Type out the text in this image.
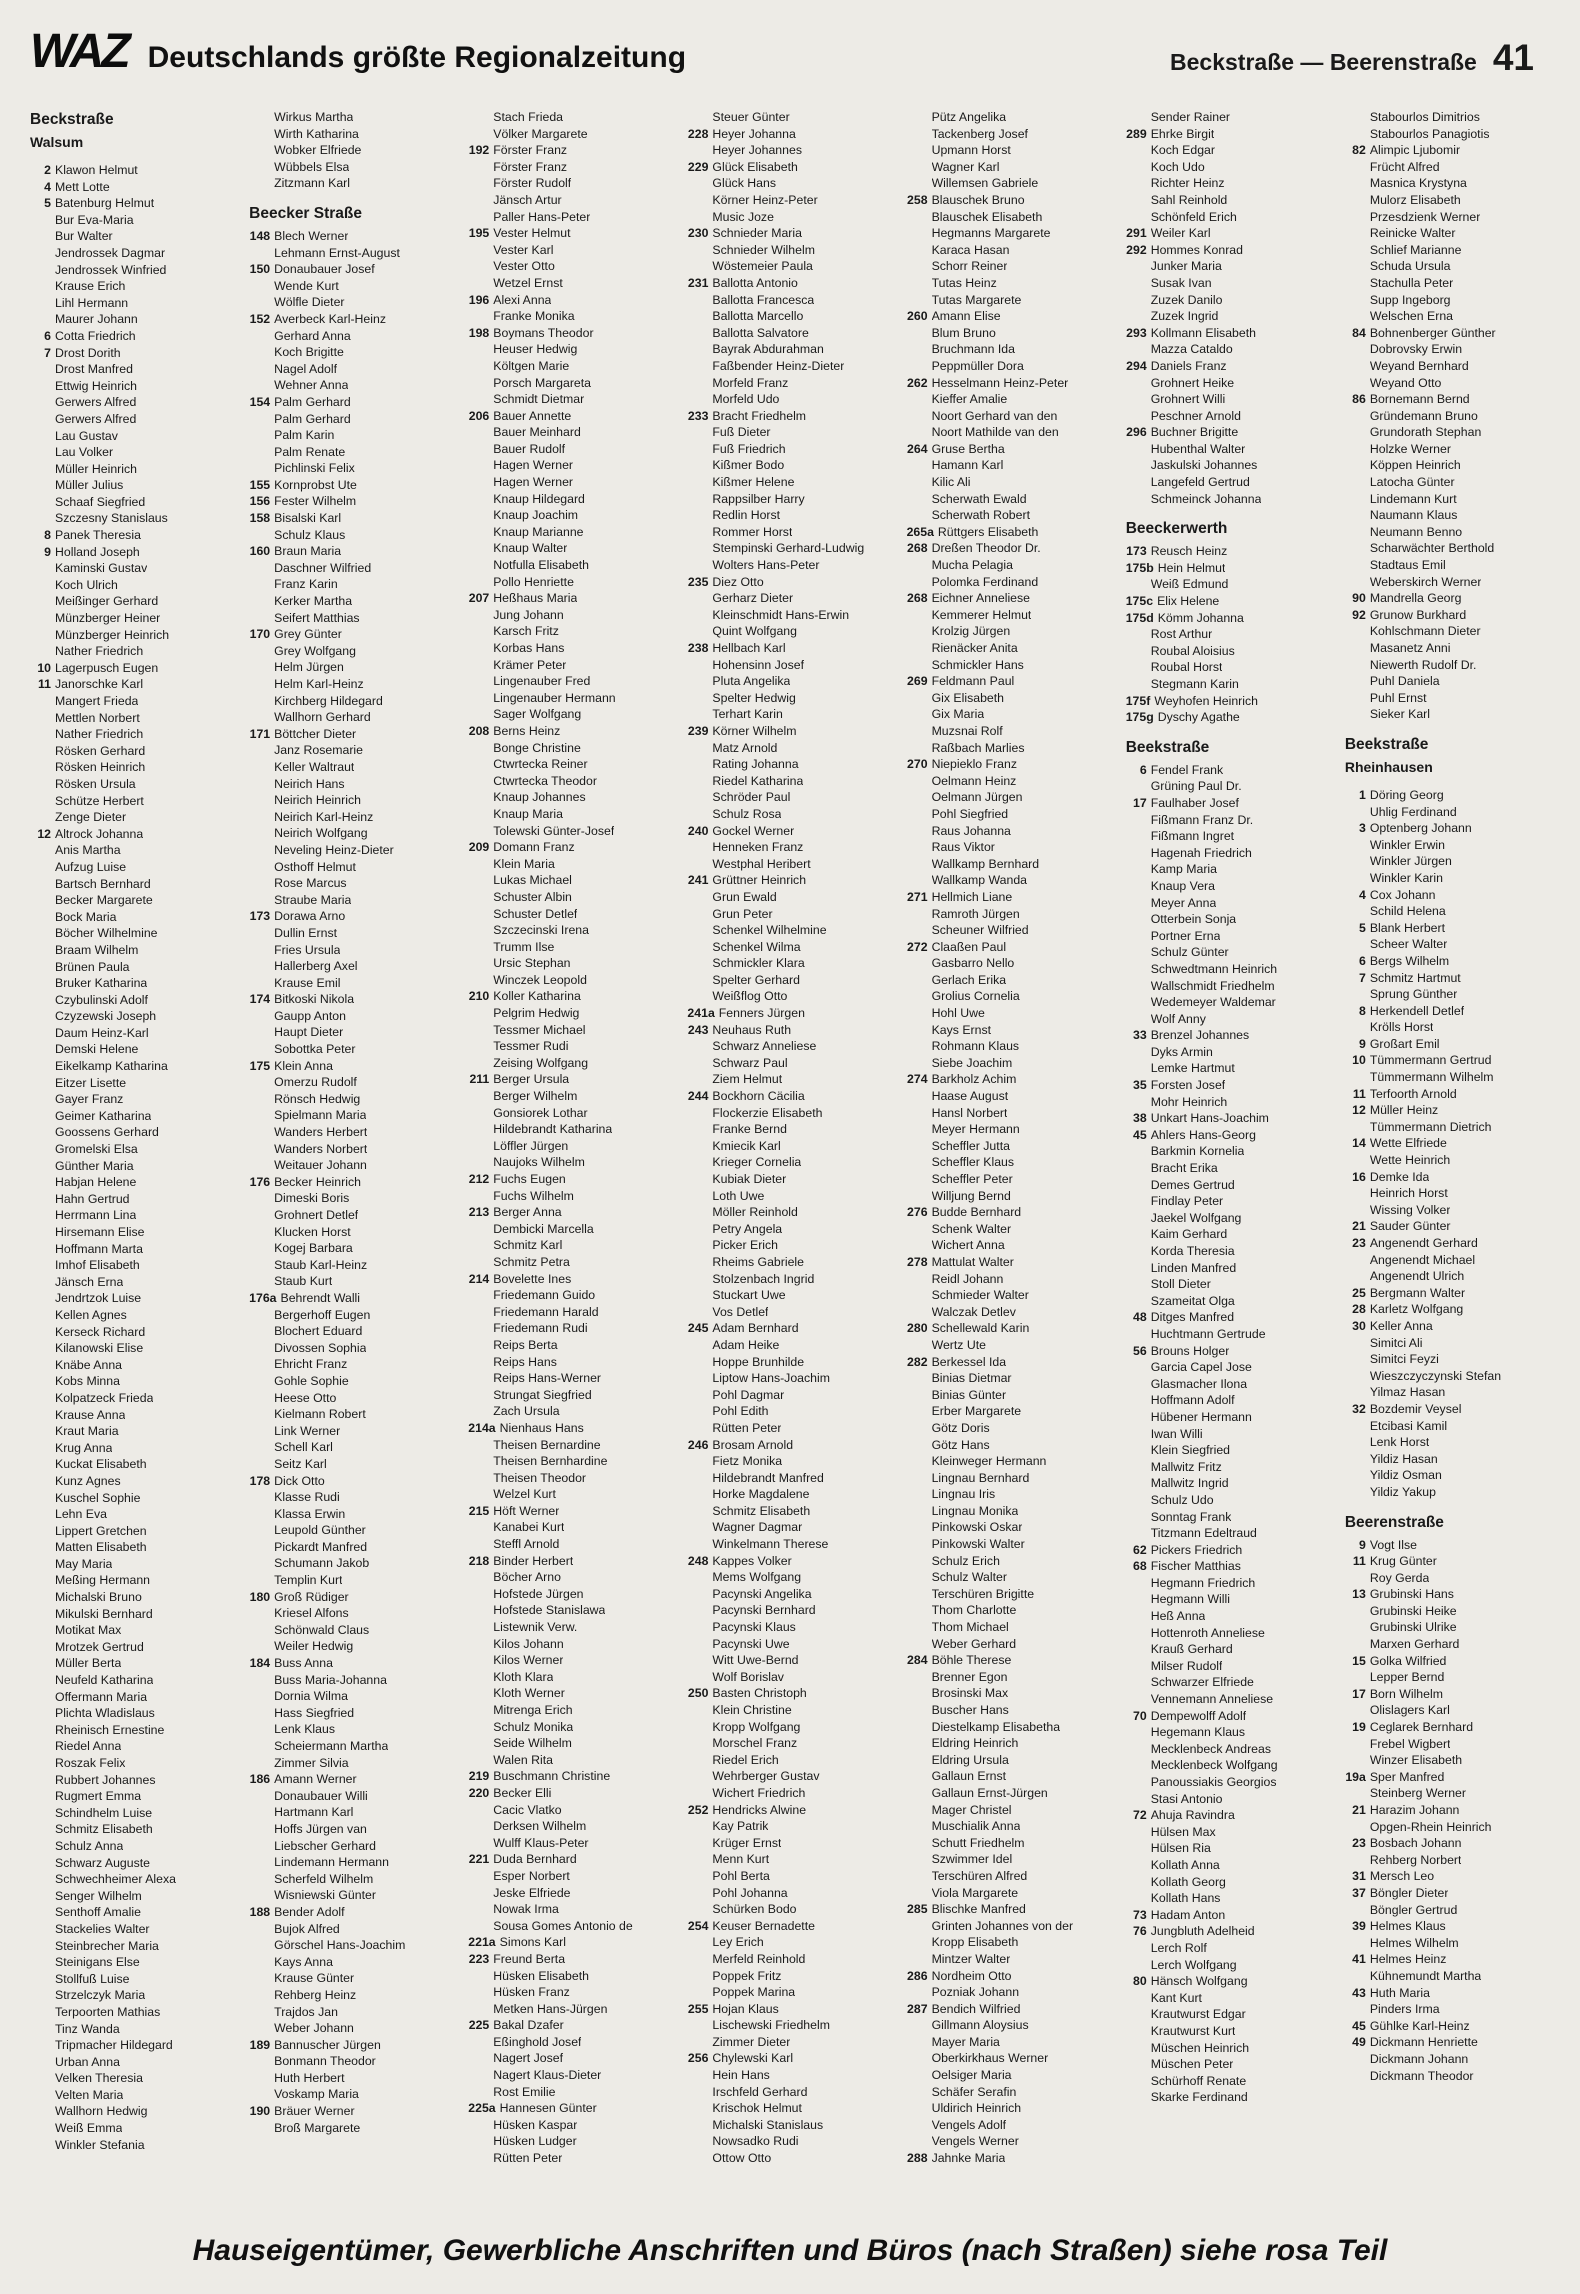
WAZ Deutschlands größte Regionalzeitung	Beckstraße — Beerenstraße 41
Beckstraße
Walsum
2 Klawon Helmut
4 Mett Lotte
5 Batenburg Helmut
Bur Eva-Maria
Bur Walter
Jendrossek Dagmar
Jendrossek Winfried
Krause Erich
Lihl Hermann
Maurer Johann
6 Cotta Friedrich
7 Drost Dorith
Drost Manfred
Ettwig Heinrich
Gerwers Alfred
Gerwers Alfred
Lau Gustav
Lau Volker
Müller Heinrich
Müller Julius
Schaaf Siegfried
Szczesny Stanislaus
8 Panek Theresia
9 Holland Joseph
Kaminski Gustav
Koch Ulrich
Meißinger Gerhard
Münzberger Heiner
Münzberger Heinrich
Nather Friedrich
10 Lagerpusch Eugen
11 Janorschke Karl
Mangert Frieda
Mettlen Norbert
Nather Friedrich
Rösken Gerhard
Rösken Heinrich
Rösken Ursula
Schütze Herbert
Zenge Dieter
12 Altrock Johanna
Anis Martha
Aufzug Luise
Bartsch Bernhard
Becker Margarete
Bock Maria
Böcher Wilhelmine
Braam Wilhelm
Brünen Paula
Bruker Katharina
Czybulinski Adolf
Czyzewski Joseph
Daum Heinz-Karl
Demski Helene
Eikelkamp Katharina
Eitzer Lisette
Gayer Franz
Geimer Katharina
Goossens Gerhard
Gromelski Elsa
Günther Maria
Habjan Helene
Hahn Gertrud
Herrmann Lina
Hirsemann Elise
Hoffmann Marta
Imhof Elisabeth
Jänsch Erna
Jendrtzok Luise
Kellen Agnes
Kerseck Richard
Kilanowski Elise
Knäbe Anna
Kobs Minna
Kolpatzeck Frieda
Krause Anna
Kraut Maria
Krug Anna
Kuckat Elisabeth
Kunz Agnes
Kuschel Sophie
Lehn Eva
Lippert Gretchen
Matten Elisabeth
May Maria
Meßing Hermann
Michalski Bruno
Mikulski Bernhard
Motikat Max
Mrotzek Gertrud
Müller Berta
Neufeld Katharina
Offermann Maria
Plichta Wladislaus
Rheinisch Ernestine
Riedel Anna
Roszak Felix
Rubbert Johannes
Rugmert Emma
Schindhelm Luise
Schmitz Elisabeth
Schulz Anna
Schwarz Auguste
Schwechheimer Alexa
Senger Wilhelm
Senthoff Amalie
Stackelies Walter
Steinbrecher Maria
Steinigans Else
Stollfuß Luise
Strzelczyk Maria
Terpoorten Mathias
Tinz Wanda
Tripmacher Hildegard
Urban Anna
Velken Theresia
Velten Maria
Wallhorn Hedwig
Weiß Emma
Winkler Stefania
Wirkus Martha
Wirth Katharina
Wobker Elfriede
Wübbels Elsa
Zitzmann Karl
Beecker Straße
148 Blech Werner
Lehmann Ernst-August
150 Donaubauer Josef
Wende Kurt
Wölfle Dieter
152 Averbeck Karl-Heinz
Gerhard Anna
Koch Brigitte
Nagel Adolf
Wehner Anna
154 Palm Gerhard
Palm Gerhard
Palm Karin
Palm Renate
Pichlinski Felix
155 Kornprobst Ute
156 Fester Wilhelm
158 Bisalski Karl
Schulz Klaus
160 Braun Maria
Daschner Wilfried
Franz Karin
Kerker Martha
Seifert Matthias
170 Grey Günter
Grey Wolfgang
Helm Jürgen
Helm Karl-Heinz
Kirchberg Hildegard
Wallhorn Gerhard
171 Böttcher Dieter
Janz Rosemarie
Keller Waltraut
Neirich Hans
Neirich Heinrich
Neirich Karl-Heinz
Neirich Wolfgang
Neveling Heinz-Dieter
Osthoff Helmut
Rose Marcus
Straube Maria
173 Dorawa Arno
Dullin Ernst
Fries Ursula
Hallerberg Axel
Krause Emil
174 Bitkoski Nikola
Gaupp Anton
Haupt Dieter
Sobottka Peter
175 Klein Anna
Omerzu Rudolf
Rönsch Hedwig
Spielmann Maria
Wanders Herbert
Wanders Norbert
Weitauer Johann
176 Becker Heinrich
Dimeski Boris
Grohnert Detlef
Klucken Horst
Kogej Barbara
Staub Karl-Heinz
Staub Kurt
176a Behrendt Walli
Bergerhoff Eugen
Blochert Eduard
Divossen Sophia
Ehricht Franz
Gohle Sophie
Heese Otto
Kielmann Robert
Link Werner
Schell Karl
Seitz Karl
178 Dick Otto
Klasse Rudi
Klassa Erwin
Leupold Günther
Pickardt Manfred
Schumann Jakob
Templin Kurt
180 Groß Rüdiger
Kriesel Alfons
Schönwald Claus
Weiler Hedwig
184 Buss Anna
Buss Maria-Johanna
Dornia Wilma
Hass Siegfried
Lenk Klaus
Scheiermann Martha
Zimmer Silvia
186 Amann Werner
Donaubauer Willi
Hartmann Karl
Hoffs Jürgen van
Liebscher Gerhard
Lindemann Hermann
Scherfeld Wilhelm
Wisniewski Günter
188 Bender Adolf
Bujok Alfred
Görschel Hans-Joachim
Kays Anna
Krause Günter
Rehberg Heinz
Trajdos Jan
Weber Johann
189 Bannuscher Jürgen
Bonmann Theodor
Huth Herbert
Voskamp Maria
190 Bräuer Werner
Broß Margarete
Stach Frieda
Völker Margarete
192 Förster Franz
Förster Franz
Förster Rudolf
Jänsch Artur
Paller Hans-Peter
195 Vester Helmut
Vester Karl
Vester Otto
Wetzel Ernst
196 Alexi Anna
Franke Monika
198 Boymans Theodor
Heuser Hedwig
Költgen Marie
Porsch Margareta
Schmidt Dietmar
206 Bauer Annette
Bauer Meinhard
Bauer Rudolf
Hagen Werner
Hagen Werner
Knaup Hildegard
Knaup Joachim
Knaup Marianne
Knaup Walter
Notfulla Elisabeth
Pollo Henriette
207 Heßhaus Maria
Jung Johann
Karsch Fritz
Korbas Hans
Krämer Peter
Lingenauber Fred
Lingenauber Hermann
Sager Wolfgang
208 Berns Heinz
Bonge Christine
Ctwrtecka Reiner
Ctwrtecka Theodor
Knaup Johannes
Knaup Maria
Tolewski Günter-Josef
209 Domann Franz
Klein Maria
Lukas Michael
Schuster Albin
Schuster Detlef
Szczecinski Irena
Trumm Ilse
Ursic Stephan
Winczek Leopold
210 Koller Katharina
Pelgrim Hedwig
Tessmer Michael
Tessmer Rudi
Zeising Wolfgang
211 Berger Ursula
Berger Wilhelm
Gonsiorek Lothar
Hildebrandt Katharina
Löffler Jürgen
Naujoks Wilhelm
212 Fuchs Eugen
Fuchs Wilhelm
213 Berger Anna
Dembicki Marcella
Schmitz Karl
Schmitz Petra
214 Bovelette Ines
Friedemann Guido
Friedemann Harald
Friedemann Rudi
Reips Berta
Reips Hans
Reips Hans-Werner
Strungat Siegfried
Zach Ursula
214a Nienhaus Hans
Theisen Bernardine
Theisen Bernhardine
Theisen Theodor
Welzel Kurt
215 Höft Werner
Kanabei Kurt
Steffl Arnold
218 Binder Herbert
Böcher Arno
Hofstede Jürgen
Hofstede Stanislawa
Listewnik Verw.
Kilos Johann
Kilos Werner
Kloth Klara
Kloth Werner
Mitrenga Erich
Schulz Monika
Seide Wilhelm
Walen Rita
219 Buschmann Christine
220 Becker Elli
Cacic Vlatko
Derksen Wilhelm
Wulff Klaus-Peter
221 Duda Bernhard
Esper Norbert
Jeske Elfriede
Nowak Irma
Sousa Gomes Antonio de
221a Simons Karl
223 Freund Berta
Hüsken Elisabeth
Hüsken Franz
Metken Hans-Jürgen
225 Bakal Dzafer
Eßinghold Josef
Nagert Josef
Nagert Klaus-Dieter
Rost Emilie
225a Hannesen Günter
Hüsken Kaspar
Hüsken Ludger
Rütten Peter
Steuer Günter
228 Heyer Johanna
Heyer Johannes
229 Glück Elisabeth
Glück Hans
Körner Heinz-Peter
Music Joze
230 Schnieder Maria
Schnieder Wilhelm
Wöstemeier Paula
231 Ballotta Antonio
Ballotta Francesca
Ballotta Marcello
Ballotta Salvatore
Bayrak Abdurahman
Faßbender Heinz-Dieter
Morfeld Franz
Morfeld Udo
233 Bracht Friedhelm
Fuß Dieter
Fuß Friedrich
Kißmer Bodo
Kißmer Helene
Rappsilber Harry
Redlin Horst
Rommer Horst
Stempinski Gerhard-Ludwig
Wolters Hans-Peter
235 Diez Otto
Gerharz Dieter
Kleinschmidt Hans-Erwin
Quint Wolfgang
238 Hellbach Karl
Hohensinn Josef
Pluta Angelika
Spelter Hedwig
Terhart Karin
239 Körner Wilhelm
Matz Arnold
Rating Johanna
Riedel Katharina
Schröder Paul
Schulz Rosa
240 Gockel Werner
Henneken Franz
Westphal Heribert
241 Grüttner Heinrich
Grun Ewald
Grun Peter
Schenkel Wilhelmine
Schenkel Wilma
Schmickler Klara
Spelter Gerhard
Weißflog Otto
241a Fenners Jürgen
243 Neuhaus Ruth
Schwarz Anneliese
Schwarz Paul
Ziem Helmut
244 Bockhorn Cäcilia
Flockerzie Elisabeth
Franke Bernd
Kmiecik Karl
Krieger Cornelia
Kubiak Dieter
Loth Uwe
Möller Reinhold
Petry Angela
Picker Erich
Rheims Gabriele
Stolzenbach Ingrid
Stuckart Uwe
Vos Detlef
245 Adam Bernhard
Adam Heike
Hoppe Brunhilde
Liptow Hans-Joachim
Pohl Dagmar
Pohl Edith
Rütten Peter
246 Brosam Arnold
Fietz Monika
Hildebrandt Manfred
Horke Magdalene
Schmitz Elisabeth
Wagner Dagmar
Winkelmann Therese
248 Kappes Volker
Mems Wolfgang
Pacynski Angelika
Pacynski Bernhard
Pacynski Klaus
Pacynski Uwe
Witt Uwe-Bernd
Wolf Borislav
250 Basten Christoph
Klein Christine
Kropp Wolfgang
Morschel Franz
Riedel Erich
Wehrberger Gustav
Wichert Friedrich
252 Hendricks Alwine
Kay Patrik
Krüger Ernst
Menn Kurt
Pohl Berta
Pohl Johanna
Schürken Bodo
254 Keuser Bernadette
Ley Erich
Merfeld Reinhold
Poppek Fritz
Poppek Marina
255 Hojan Klaus
Lischewski Friedhelm
Zimmer Dieter
256 Chylewski Karl
Hein Hans
Irschfeld Gerhard
Krischok Helmut
Michalski Stanislaus
Nowsadko Rudi
Ottow Otto
Pütz Angelika
Tackenberg Josef
Upmann Horst
Wagner Karl
Willemsen Gabriele
258 Blauschek Bruno
Blauschek Elisabeth
Hegmanns Margarete
Karaca Hasan
Schorr Reiner
Tutas Heinz
Tutas Margarete
260 Amann Elise
Blum Bruno
Bruchmann Ida
Peppmüller Dora
262 Hesselmann Heinz-Peter
Kieffer Amalie
Noort Gerhard van den
Noort Mathilde van den
264 Gruse Bertha
Hamann Karl
Kilic Ali
Scherwath Ewald
Scherwath Robert
265a Rüttgers Elisabeth
268 Dreßen Theodor Dr.
Mucha Pelagia
Polomka Ferdinand
268 Eichner Anneliese
Kemmerer Helmut
Krolzig Jürgen
Rienäcker Anita
Schmickler Hans
269 Feldmann Paul
Gix Elisabeth
Gix Maria
Muzsnai Rolf
Raßbach Marlies
270 Niepieklo Franz
Oelmann Heinz
Oelmann Jürgen
Pohl Siegfried
Raus Johanna
Raus Viktor
Wallkamp Bernhard
Wallkamp Wanda
271 Hellmich Liane
Ramroth Jürgen
Scheuner Wilfried
272 Claaßen Paul
Gasbarro Nello
Gerlach Erika
Grolius Cornelia
Hohl Uwe
Kays Ernst
Rohmann Klaus
Siebe Joachim
274 Barkholz Achim
Haase August
Hansl Norbert
Meyer Hermann
Scheffler Jutta
Scheffler Klaus
Scheffler Peter
Willjung Bernd
276 Budde Bernhard
Schenk Walter
Wichert Anna
278 Mattulat Walter
Reidl Johann
Schmieder Walter
Walczak Detlev
280 Schellewald Karin
Wertz Ute
282 Berkessel Ida
Binias Dietmar
Binias Günter
Erber Margarete
Götz Doris
Götz Hans
Kleinweger Hermann
Lingnau Bernhard
Lingnau Iris
Lingnau Monika
Pinkowski Oskar
Pinkowski Walter
Schulz Erich
Schulz Walter
Terschüren Brigitte
Thom Charlotte
Thom Michael
Weber Gerhard
284 Böhle Therese
Brenner Egon
Brosinski Max
Buscher Hans
Diestelkamp Elisabetha
Eldring Heinrich
Eldring Ursula
Gallaun Ernst
Gallaun Ernst-Jürgen
Mager Christel
Muschialik Anna
Schutt Friedhelm
Szwimmer Idel
Terschüren Alfred
Viola Margarete
285 Blischke Manfred
Grinten Johannes von der
Kropp Elisabeth
Mintzer Walter
286 Nordheim Otto
Pozniak Johann
287 Bendich Wilfried
Gillmann Aloysius
Mayer Maria
Oberkirkhaus Werner
Oelsiger Maria
Schäfer Serafin
Uldirich Heinrich
Vengels Adolf
Vengels Werner
288 Jahnke Maria
Sender Rainer
289 Ehrke Birgit
Koch Edgar
Koch Udo
Richter Heinz
Sahl Reinhold
Schönfeld Erich
291 Weiler Karl
292 Hommes Konrad
Junker Maria
Susak Ivan
Zuzek Danilo
Zuzek Ingrid
293 Kollmann Elisabeth
Mazza Cataldo
294 Daniels Franz
Grohnert Heike
Grohnert Willi
Peschner Arnold
296 Buchner Brigitte
Hubenthal Walter
Jaskulski Johannes
Langefeld Gertrud
Schmeinck Johanna
Beeckerwerth
173 Reusch Heinz
175b Hein Helmut
Weiß Edmund
175c Elix Helene
175d Kömm Johanna
Rost Arthur
Roubal Aloisius
Roubal Horst
Stegmann Karin
175f Weyhofen Heinrich
175g Dyschy Agathe
Beekstraße
6 Fendel Frank
Grüning Paul Dr.
17 Faulhaber Josef
Fißmann Franz Dr.
Fißmann Ingret
Hagenah Friedrich
Kamp Maria
Knaup Vera
Meyer Anna
Otterbein Sonja
Portner Erna
Schulz Günter
Schwedtmann Heinrich
Wallschmidt Friedhelm
Wedemeyer Waldemar
Wolf Anny
33 Brenzel Johannes
Dyks Armin
Lemke Hartmut
35 Forsten Josef
Mohr Heinrich
38 Unkart Hans-Joachim
45 Ahlers Hans-Georg
Barkmin Kornelia
Bracht Erika
Demes Gertrud
Findlay Peter
Jaekel Wolfgang
Kaim Gerhard
Korda Theresia
Linden Manfred
Stoll Dieter
Szameitat Olga
48 Ditges Manfred
Huchtmann Gertrude
56 Brouns Holger
Garcia Capel Jose
Glasmacher Ilona
Hoffmann Adolf
Hübener Hermann
Iwan Willi
Klein Siegfried
Mallwitz Fritz
Mallwitz Ingrid
Schulz Udo
Sonntag Frank
Titzmann Edeltraud
62 Pickers Friedrich
68 Fischer Matthias
Hegmann Friedrich
Hegmann Willi
Heß Anna
Hottenroth Anneliese
Krauß Gerhard
Milser Rudolf
Schwarzer Elfriede
Vennemann Anneliese
70 Dempewolff Adolf
Hegemann Klaus
Mecklenbeck Andreas
Mecklenbeck Wolfgang
Panoussiakis Georgios
Stasi Antonio
72 Ahuja Ravindra
Hülsen Max
Hülsen Ria
Kollath Anna
Kollath Georg
Kollath Hans
73 Hadam Anton
76 Jungbluth Adelheid
Lerch Rolf
Lerch Wolfgang
80 Hänsch Wolfgang
Kant Kurt
Krautwurst Edgar
Krautwurst Kurt
Müschen Heinrich
Müschen Peter
Schürhoff Renate
Skarke Ferdinand
Stabourlos Dimitrios
Stabourlos Panagiotis
82 Alimpic Ljubomir
Frücht Alfred
Masnica Krystyna
Mulorz Elisabeth
Przesdzienk Werner
Reinicke Walter
Schlief Marianne
Schuda Ursula
Stachulla Peter
Supp Ingeborg
Welschen Erna
84 Bohnenberger Günther
Dobrovsky Erwin
Weyand Bernhard
Weyand Otto
86 Bornemann Bernd
Gründemann Bruno
Grundorath Stephan
Holzke Werner
Köppen Heinrich
Latocha Günter
Lindemann Kurt
Naumann Klaus
Neumann Benno
Scharwächter Berthold
Stadtaus Emil
Weberskirch Werner
90 Mandrella Georg
92 Grunow Burkhard
Kohlschmann Dieter
Masanetz Anni
Niewerth Rudolf Dr.
Puhl Daniela
Puhl Ernst
Sieker Karl
Beekstraße
Rheinhausen
1 Döring Georg
Uhlig Ferdinand
3 Optenberg Johann
Winkler Erwin
Winkler Jürgen
Winkler Karin
4 Cox Johann
Schild Helena
5 Blank Herbert
Scheer Walter
6 Bergs Wilhelm
7 Schmitz Hartmut
Sprung Günther
8 Herkendell Detlef
Krölls Horst
9 Großart Emil
10 Tümmermann Gertrud
Tümmermann Wilhelm
11 Terfoorth Arnold
12 Müller Heinz
Tümmermann Dietrich
14 Wette Elfriede
Wette Heinrich
16 Demke Ida
Heinrich Horst
Wissing Volker
21 Sauder Günter
23 Angenendt Gerhard
Angenendt Michael
Angenendt Ulrich
25 Bergmann Walter
28 Karletz Wolfgang
30 Keller Anna
Simitci Ali
Simitci Feyzi
Wieszczyczynski Stefan
Yilmaz Hasan
32 Bozdemir Veysel
Etcibasi Kamil
Lenk Horst
Yildiz Hasan
Yildiz Osman
Yildiz Yakup
Beerenstraße
9 Vogt Ilse
11 Krug Günter
Roy Gerda
13 Grubinski Hans
Grubinski Heike
Grubinski Ulrike
Marxen Gerhard
15 Golka Wilfried
Lepper Bernd
17 Born Wilhelm
Olislagers Karl
19 Ceglarek Bernhard
Frebel Wigbert
Winzer Elisabeth
19a Sper Manfred
Steinberg Werner
21 Harazim Johann
Opgen-Rhein Heinrich
23 Bosbach Johann
Rehberg Norbert
31 Mersch Leo
37 Böngler Dieter
Böngler Gertrud
39 Helmes Klaus
Helmes Wilhelm
41 Helmes Heinz
Kühnemundt Martha
43 Huth Maria
Pinders Irma
45 Gühlke Karl-Heinz
49 Dickmann Henriette
Dickmann Johann
Dickmann Theodor
Hauseigentümer, Gewerbliche Anschriften und Büros (nach Straßen) siehe rosa Teil
